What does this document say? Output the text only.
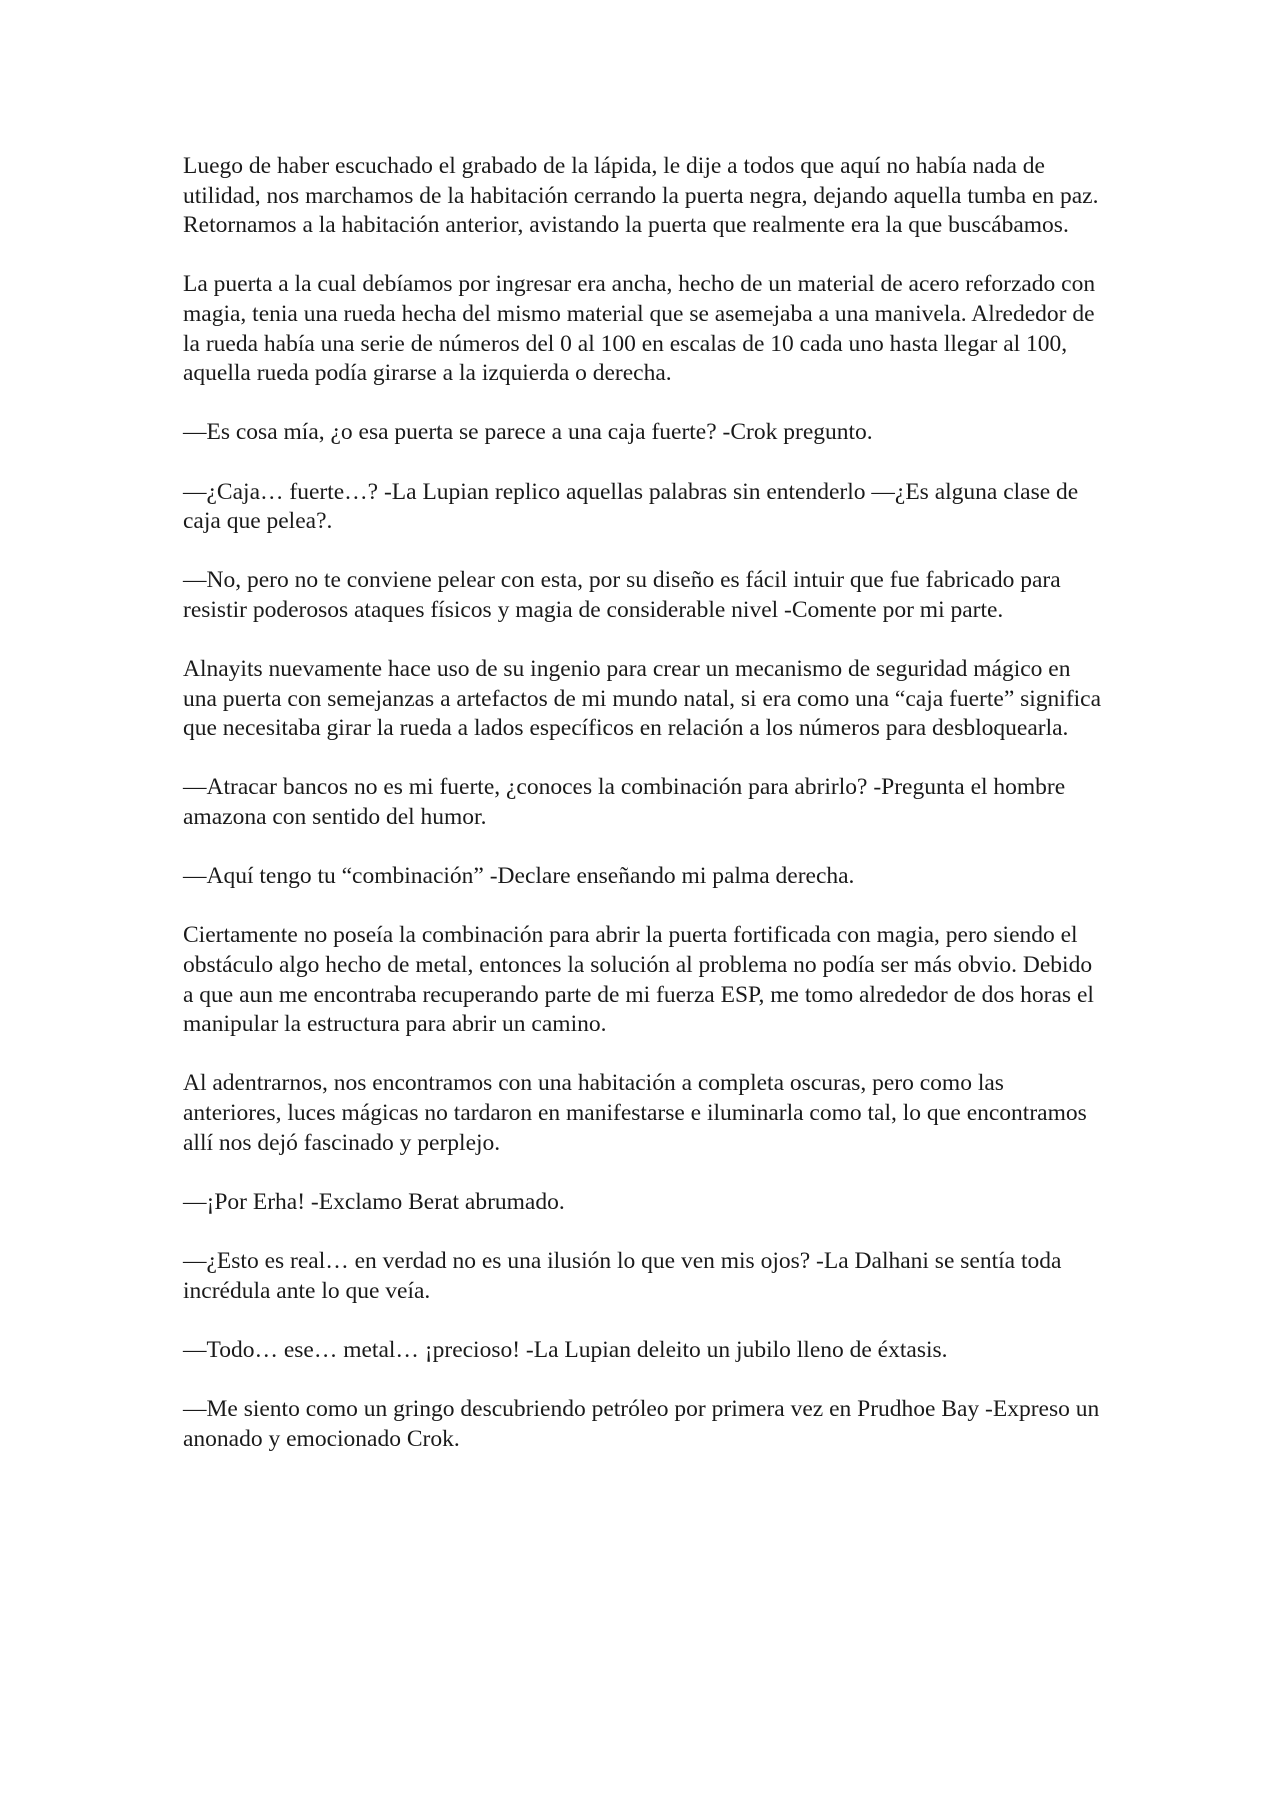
Luego de haber escuchado el grabado de la lápida, le dije a todos que aquí no había nada de utilidad, nos marchamos de la habitación cerrando la puerta negra, dejando aquella tumba en paz. Retornamos a la habitación anterior, avistando la puerta que realmente era la que buscábamos.

La puerta a la cual debíamos por ingresar era ancha, hecho de un material de acero reforzado con magia, tenia una rueda hecha del mismo material que se asemejaba a una manivela. Alrededor de la rueda había una serie de números del 0 al 100 en escalas de 10 cada uno hasta llegar al 100, aquella rueda podía girarse a la izquierda o derecha.

—Es cosa mía, ¿o esa puerta se parece a una caja fuerte? -Crok pregunto.

—¿Caja… fuerte…? -La Lupian replico aquellas palabras sin entenderlo —¿Es alguna clase de caja que pelea?.

—No, pero no te conviene pelear con esta, por su diseño es fácil intuir que fue fabricado para resistir poderosos ataques físicos y magia de considerable nivel -Comente por mi parte.

Alnayits nuevamente hace uso de su ingenio para crear un mecanismo de seguridad mágico en una puerta con semejanzas a artefactos de mi mundo natal, si era como una “caja fuerte” significa que necesitaba girar la rueda a lados específicos en relación a los números para desbloquearla.

—Atracar bancos no es mi fuerte, ¿conoces la combinación para abrirlo? -Pregunta el hombre amazona con sentido del humor.

—Aquí tengo tu “combinación” -Declare enseñando mi palma derecha.

Ciertamente no poseía la combinación para abrir la puerta fortificada con magia, pero siendo el obstáculo algo hecho de metal, entonces la solución al problema no podía ser más obvio. Debido a que aun me encontraba recuperando parte de mi fuerza ESP, me tomo alrededor de dos horas el manipular la estructura para abrir un camino.

Al adentrarnos, nos encontramos con una habitación a completa oscuras, pero como las anteriores, luces mágicas no tardaron en manifestarse e iluminarla como tal, lo que encontramos allí nos dejó fascinado y perplejo.

—¡Por Erha! -Exclamo Berat abrumado.

—¿Esto es real… en verdad no es una ilusión lo que ven mis ojos? -La Dalhani se sentía toda incrédula ante lo que veía.

—Todo… ese… metal… ¡precioso! -La Lupian deleito un jubilo lleno de éxtasis.

—Me siento como un gringo descubriendo petróleo por primera vez en Prudhoe Bay -Expreso un anonado y emocionado Crok.
